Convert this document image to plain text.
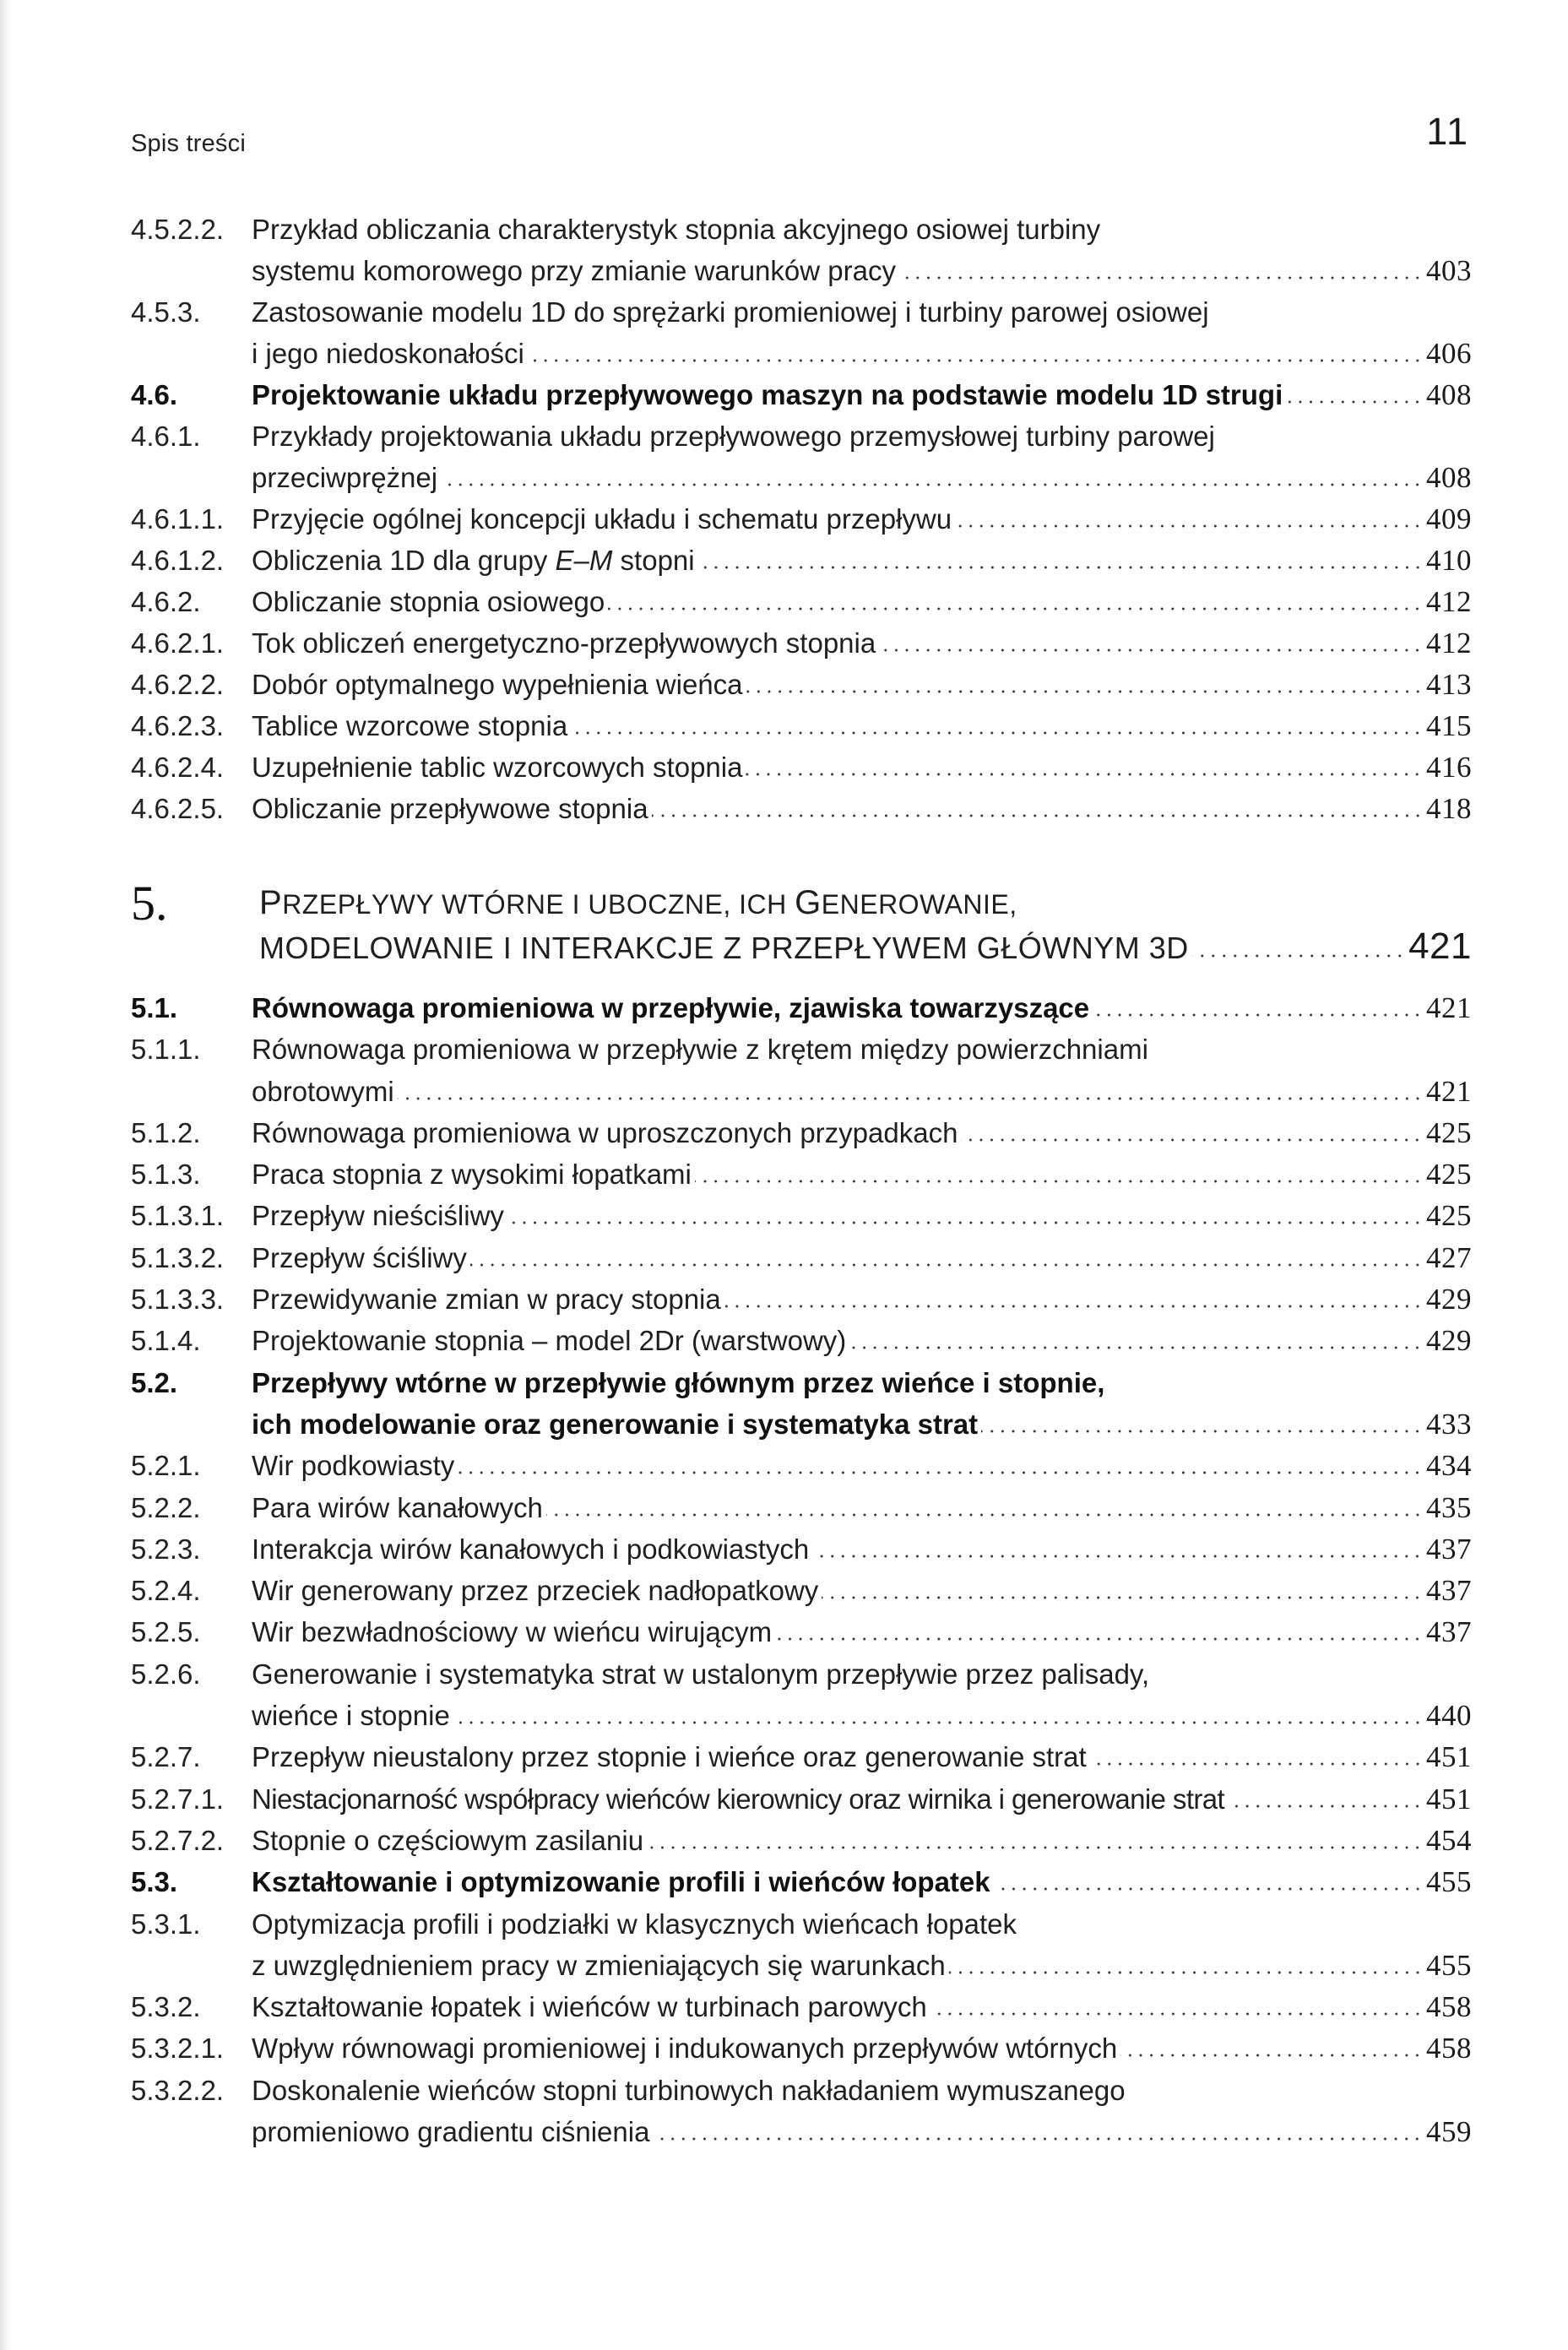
Spis treści	11
4.5.2.2. Przykład obliczania charakterystyk stopnia akcyjnego osiowej turbiny
systemu komorowego przy zmianie warunków pracy	403
4.5.3. Zastosowanie modelu 1D do sprężarki promieniowej i turbiny parowej osiowej
i jego niedoskonałości	406
4.6.	Projektowanie układu przepływowego maszyn na podstawie modelu 1D strugi	408
4.6.1. Przykłady projektowania układu przepływowego przemysłowej turbiny parowej
przeciwprężnej	408
4.6.1.1. Przyjęcie ogólnej koncepcji układu i schematu przepływu	409
4.6.1.2. Obliczenia 1D dla grupy E–M stopni	410
4.6.2. Obliczanie stopnia osiowego	412
4.6.2.1. Tok obliczeń energetyczno-przepływowych stopnia	412
4.6.2.2. Dobór optymalnego wypełnienia wieńca	413
4.6.2.3. Tablice wzorcowe stopnia	415
4.6.2.4. Uzupełnienie tablic wzorcowych stopnia	416
4.6.2.5. Obliczanie przepływowe stopnia	418
5.	PRZEPŁYWY WTÓRNE I UBOCZNE, ICH GENEROWANIE,
MODELOWANIE I INTERAKCJE Z PRZEPŁYWEM GŁÓWNYM 3D	421
5.1.	Równowaga promieniowa w przepływie, zjawiska towarzyszące	421
5.1.1. Równowaga promieniowa w przepływie z krętem między powierzchniami
obrotowymi	421
5.1.2. Równowaga promieniowa w uproszczonych przypadkach	425
5.1.3. Praca stopnia z wysokimi łopatkami	425
5.1.3.1. Przepływ nieściśliwy	425
5.1.3.2. Przepływ ściśliwy	427
5.1.3.3. Przewidywanie zmian w pracy stopnia	429
5.1.4. Projektowanie stopnia – model 2Dr (warstwowy)	429
5.2.	Przepływy wtórne w przepływie głównym przez wieńce i stopnie,
ich modelowanie oraz generowanie i systematyka strat	433
5.2.1. Wir podkowiasty	434
5.2.2. Para wirów kanałowych	435
5.2.3. Interakcja wirów kanałowych i podkowiastych	437
5.2.4. Wir generowany przez przeciek nadłopatkowy	437
5.2.5. Wir bezwładnościowy w wieńcu wirującym	437
5.2.6. Generowanie i systematyka strat w ustalonym przepływie przez palisady,
wieńce i stopnie	440
5.2.7. Przepływ nieustalony przez stopnie i wieńce oraz generowanie strat	451
5.2.7.1. Niestacjonarność współpracy wieńców kierownicy oraz wirnika i generowanie strat	451
5.2.7.2. Stopnie o częściowym zasilaniu	454
5.3.	Kształtowanie i optymizowanie profili i wieńców łopatek	455
5.3.1. Optymizacja profili i podziałki w klasycznych wieńcach łopatek
z uwzględnieniem pracy w zmieniających się warunkach	455
5.3.2. Kształtowanie łopatek i wieńców w turbinach parowych	458
5.3.2.1. Wpływ równowagi promieniowej i indukowanych przepływów wtórnych	458
5.3.2.2. Doskonalenie wieńców stopni turbinowych nakładaniem wymuszanego
promieniowo gradientu ciśnienia	459
